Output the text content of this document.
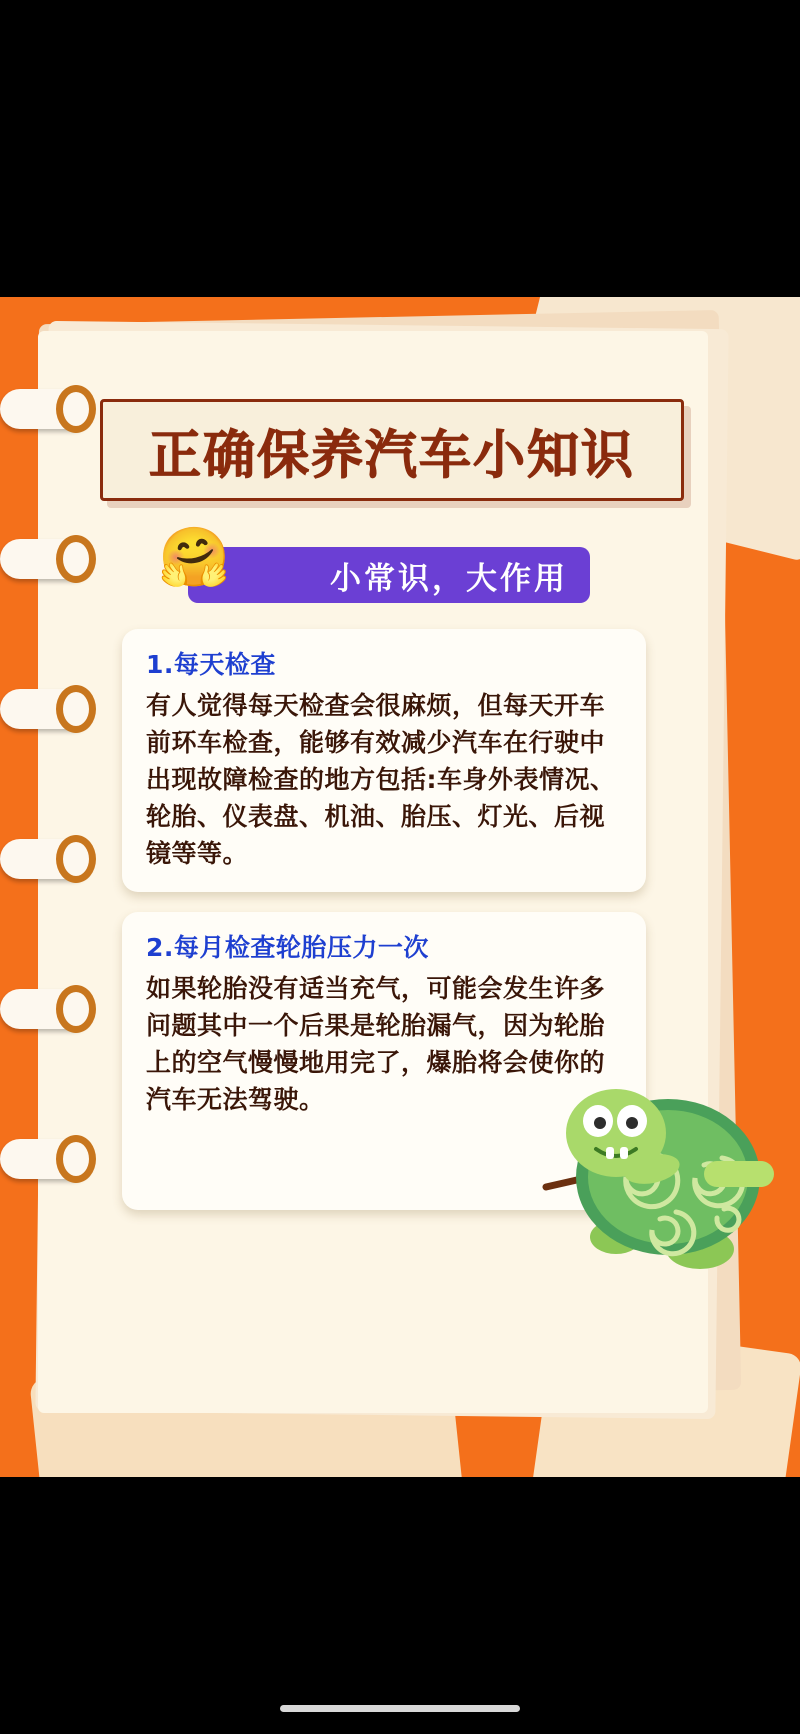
正确保养汽车小知识
小常识，大作用
🤗
1.每天检查
有人觉得每天检查会很麻烦，但每天开车前环车检查，能够有效减少汽车在行驶中出现故障检查的地方包括:车身外表情况、轮胎、仪表盘、机油、胎压、灯光、后视镜等等。
2.每月检查轮胎压力一次
如果轮胎没有适当充气，可能会发生许多问题其中一个后果是轮胎漏气，因为轮胎上的空气慢慢地用完了，爆胎将会使你的汽车无法驾驶。
